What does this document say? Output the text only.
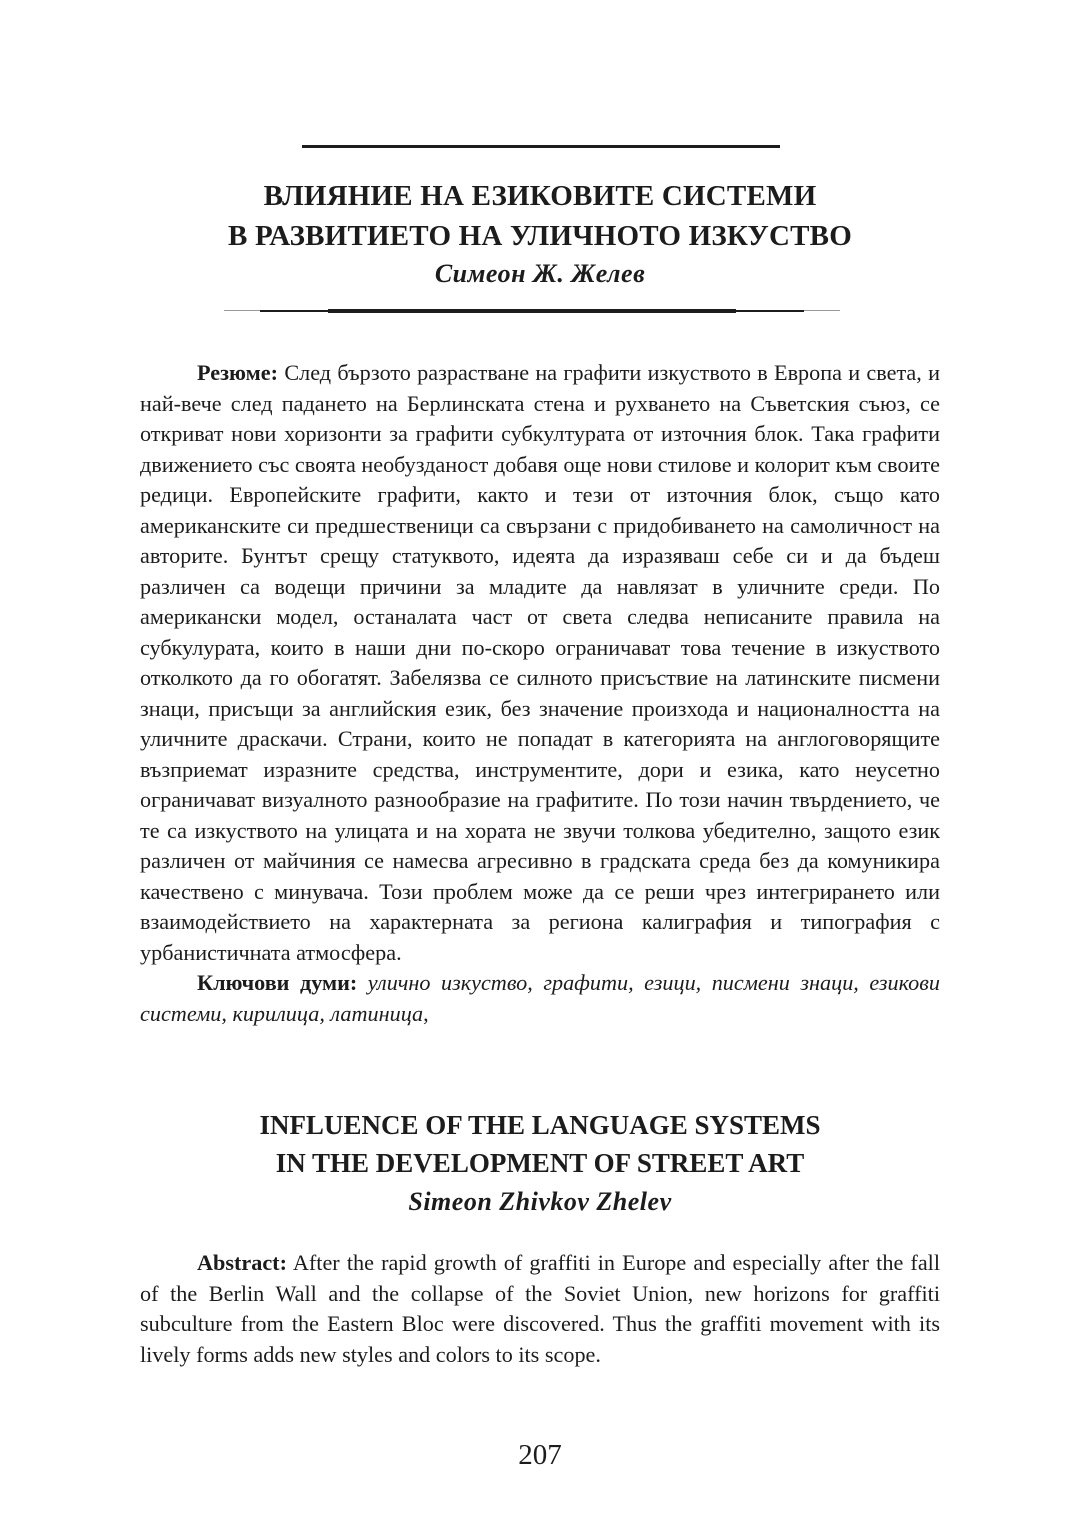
ВЛИЯНИЕ НА ЕЗИКОВИТЕ СИСТЕМИ
В РАЗВИТИЕТО НА УЛИЧНОТО ИЗКУСТВО
Симеон Ж. Желев

Резюме: След бързото разрастване на графити изкуството в Европа и света, и най-вече след падането на Берлинската стена и рухването на Съветския съюз, се откриват нови хоризонти за графити субкултурата от източния блок. Така графити движението със своята необузданост добавя още нови стилове и колорит към своите редици. Европейските графити, както и тези от източния блок, също като американските си предшественици са свързани с придобиването на самоличност на авторите. Бунтът срещу статуквото, идеята да изразяваш себе си и да бъдеш различен са водещи причини за младите да навлязат в уличните среди. По американски модел, останалата част от света следва неписаните правила на субкулурата, които в наши дни по-скоро ограничават това течение в изкуството отколкото да го обогатят. Забелязва се силното присъствие на латинските писмени знаци, присъщи за английския език, без значение произхода и националността на уличните драскачи. Страни, които не попадат в категорията на англоговорящите възприемат изразните средства, инструментите, дори и езика, като неусетно ограничават визуалното разнообразие на графитите. По този начин твърдението, че те са изкуството на улицата и на хората не звучи толкова убедително, защото език различен от майчиния се намесва агресивно в градската среда без да комуникира качествено с минувача. Този проблем може да се реши чрез интегрирането или взаимодействието на характерната за региона калиграфия и типография с урбанистичната атмосфера.

Ключови думи: улично изкуство, графити, езици, писмени знаци, езикови системи, кирилица, латиница,

INFLUENCE OF THE LANGUAGE SYSTEMS
IN THE DEVELOPMENT OF STREET ART
Simeon Zhivkov Zhelev

Abstract: After the rapid growth of graffiti in Europe and especially after the fall of the Berlin Wall and the collapse of the Soviet Union, new horizons for graffiti subculture from the Eastern Bloc were discovered. Thus the graffiti movement with its lively forms adds new styles and colors to its scope.

207
